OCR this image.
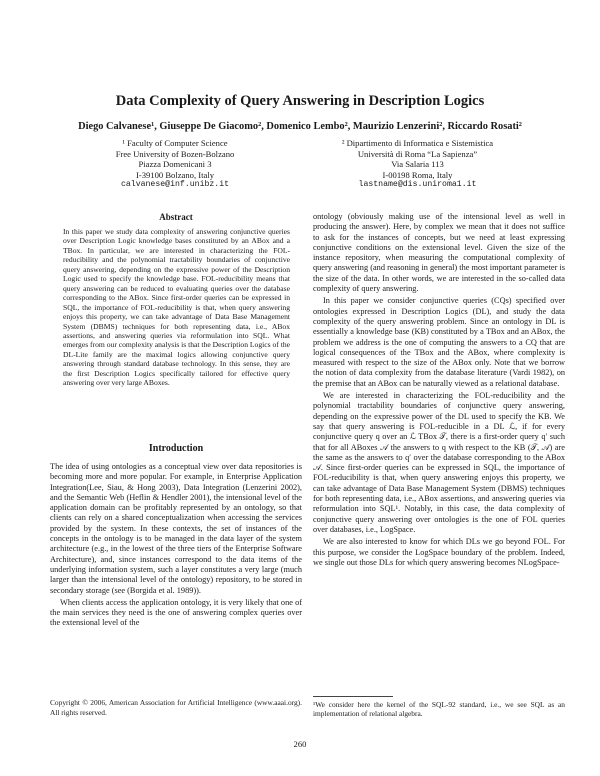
Data Complexity of Query Answering in Description Logics
Diego Calvanese¹, Giuseppe De Giacomo², Domenico Lembo², Maurizio Lenzerini², Riccardo Rosati²
¹ Faculty of Computer Science
Free University of Bozen-Bolzano
Piazza Domenicani 3
I-39100 Bolzano, Italy
calvanese@inf.unibz.it
² Dipartimento di Informatica e Sistemistica
Università di Roma “La Sapienza”
Via Salaria 113
I-00198 Roma, Italy
lastname@dis.uniroma1.it
Abstract
In this paper we study data complexity of answering conjunctive queries over Description Logic knowledge bases constituted by an ABox and a TBox. In particular, we are interested in characterizing the FOL-reducibility and the polynomial tractability boundaries of conjunctive query answering, depending on the expressive power of the Description Logic used to specify the knowledge base. FOL-reducibility means that query answering can be reduced to evaluating queries over the database corresponding to the ABox. Since first-order queries can be expressed in SQL, the importance of FOL-reducibility is that, when query answering enjoys this property, we can take advantage of Data Base Management System (DBMS) techniques for both representing data, i.e., ABox assertions, and answering queries via reformulation into SQL. What emerges from our complexity analysis is that the Description Logics of the DL-Lite family are the maximal logics allowing conjunctive query answering through standard database technology. In this sense, they are the first Description Logics specifically tailored for effective query answering over very large ABoxes.
Introduction

The idea of using ontologies as a conceptual view over data repositories is becoming more and more popular. For example, in Enterprise Application Integration(Lee, Siau, & Hong 2003), Data Integration (Lenzerini 2002), and the Semantic Web (Heflin & Hendler 2001), the intensional level of the application domain can be profitably represented by an ontology, so that clients can rely on a shared conceptualization when accessing the services provided by the system. In these contexts, the set of instances of the concepts in the ontology is to be managed in the data layer of the system architecture (e.g., in the lowest of the three tiers of the Enterprise Software Architecture), and, since instances correspond to the data items of the underlying information system, such a layer constitutes a very large (much larger than the intensional level of the ontology) repository, to be stored in secondary storage (see (Borgida et al. 1989)).

When clients access the application ontology, it is very likely that one of the main services they need is the one of answering complex queries over the extensional level of the

ontology (obviously making use of the intensional level as well in producing the answer). Here, by complex we mean that it does not suffice to ask for the instances of concepts, but we need at least expressing conjunctive conditions on the extensional level. Given the size of the instance repository, when measuring the computational complexity of query answering (and reasoning in general) the most important parameter is the size of the data. In other words, we are interested in the so-called data complexity of query answering.

In this paper we consider conjunctive queries (CQs) specified over ontologies expressed in Description Logics (DL), and study the data complexity of the query answering problem. Since an ontology in DL is essentially a knowledge base (KB) constituted by a TBox and an ABox, the problem we address is the one of computing the answers to a CQ that are logical consequences of the TBox and the ABox, where complexity is measured with respect to the size of the ABox only. Note that we borrow the notion of data complexity from the database literature (Vardi 1982), on the premise that an ABox can be naturally viewed as a relational database.

We are interested in characterizing the FOL-reducibility and the polynomial tractability boundaries of conjunctive query answering, depending on the expressive power of the DL used to specify the KB. We say that query answering is FOL-reducible in a DL ℒ, if for every conjunctive query q over an ℒ TBox 𝒯, there is a first-order query q′ such that for all ABoxes 𝒜 the answers to q with respect to the KB (𝒯, 𝒜) are the same as the answers to q′ over the database corresponding to the ABox 𝒜. Since first-order queries can be expressed in SQL, the importance of FOL-reducibility is that, when query answering enjoys this property, we can take advantage of Data Base Management System (DBMS) techniques for both representing data, i.e., ABox assertions, and answering queries via reformulation into SQL¹. Notably, in this case, the data complexity of conjunctive query answering over ontologies is the one of FOL queries over databases, i.e., LogSpace.

We are also interested to know for which DLs we go beyond FOL. For this purpose, we consider the LogSpace boundary of the problem. Indeed, we single out those DLs for which query answering becomes NLogSpace-

Copyright © 2006, American Association for Artificial Intelligence (www.aaai.org). All rights reserved.
¹We consider here the kernel of the SQL-92 standard, i.e., we see SQL as an implementation of relational algebra.
260
